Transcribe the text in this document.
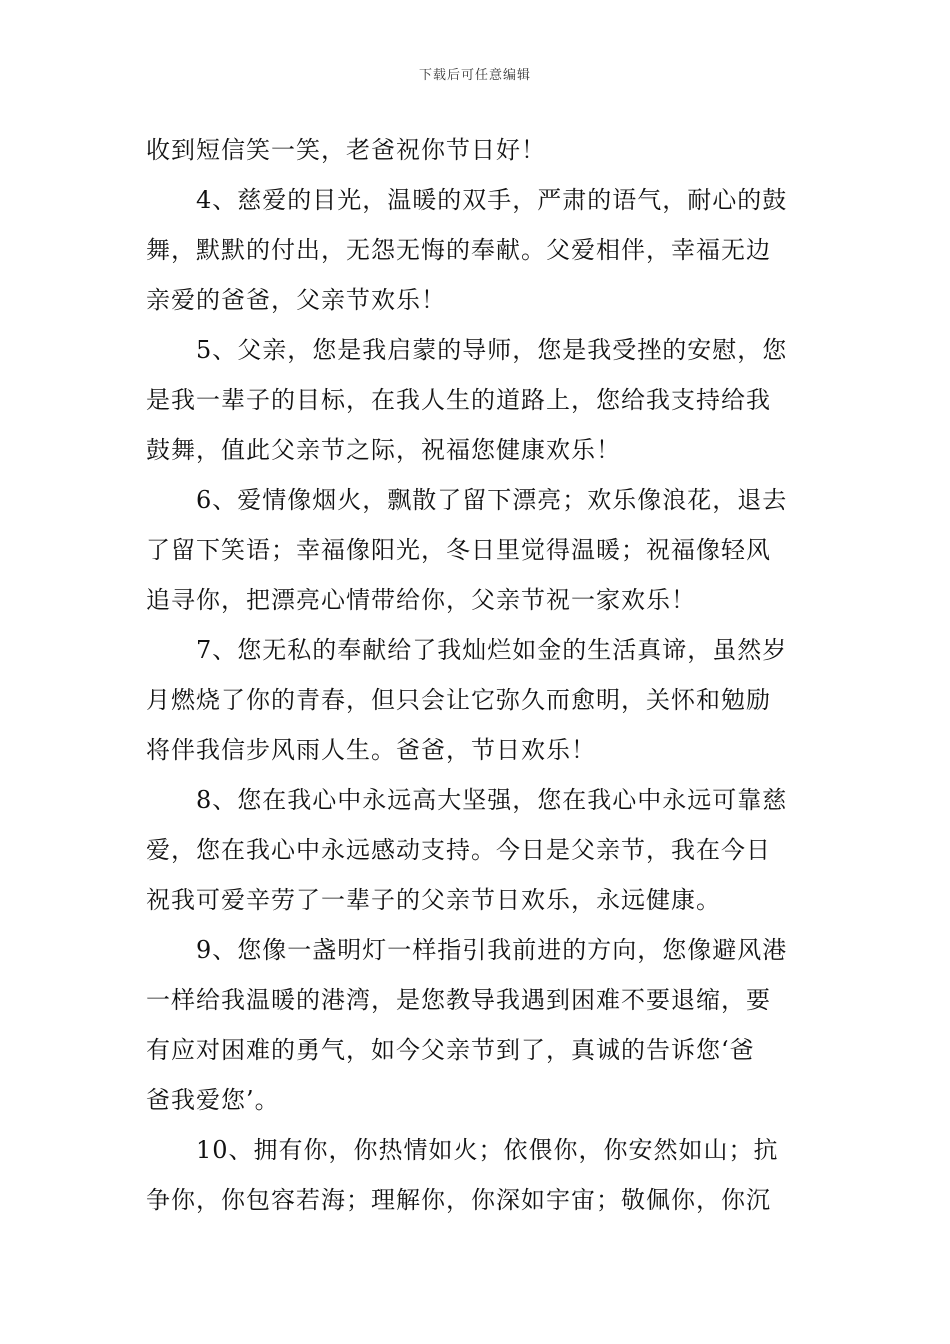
下载后可任意编辑
收到短信笑一笑，老爸祝你节日好！
4、慈爱的目光，温暖的双手，严肃的语气，耐心的鼓
舞，默默的付出，无怨无悔的奉献。父爱相伴，幸福无边
亲爱的爸爸，父亲节欢乐！
5、父亲，您是我启蒙的导师，您是我受挫的安慰，您
是我一辈子的目标，在我人生的道路上，您给我支持给我
鼓舞，值此父亲节之际，祝福您健康欢乐！
6、爱情像烟火，飘散了留下漂亮；欢乐像浪花，退去
了留下笑语；幸福像阳光，冬日里觉得温暖；祝福像轻风
追寻你，把漂亮心情带给你，父亲节祝一家欢乐！
7、您无私的奉献给了我灿烂如金的生活真谛，虽然岁
月燃烧了你的青春，但只会让它弥久而愈明，关怀和勉励
将伴我信步风雨人生。爸爸，节日欢乐！
8、您在我心中永远高大坚强，您在我心中永远可靠慈
爱，您在我心中永远感动支持。今日是父亲节，我在今日
祝我可爱辛劳了一辈子的父亲节日欢乐，永远健康。
9、您像一盏明灯一样指引我前进的方向，您像避风港
一样给我温暖的港湾，是您教导我遇到困难不要退缩，要
有应对困难的勇气，如今父亲节到了，真诚的告诉您‘爸
爸我爱您’。
10、拥有你，你热情如火；依偎你，你安然如山；抗
争你，你包容若海；理解你，你深如宇宙；敬佩你，你沉
